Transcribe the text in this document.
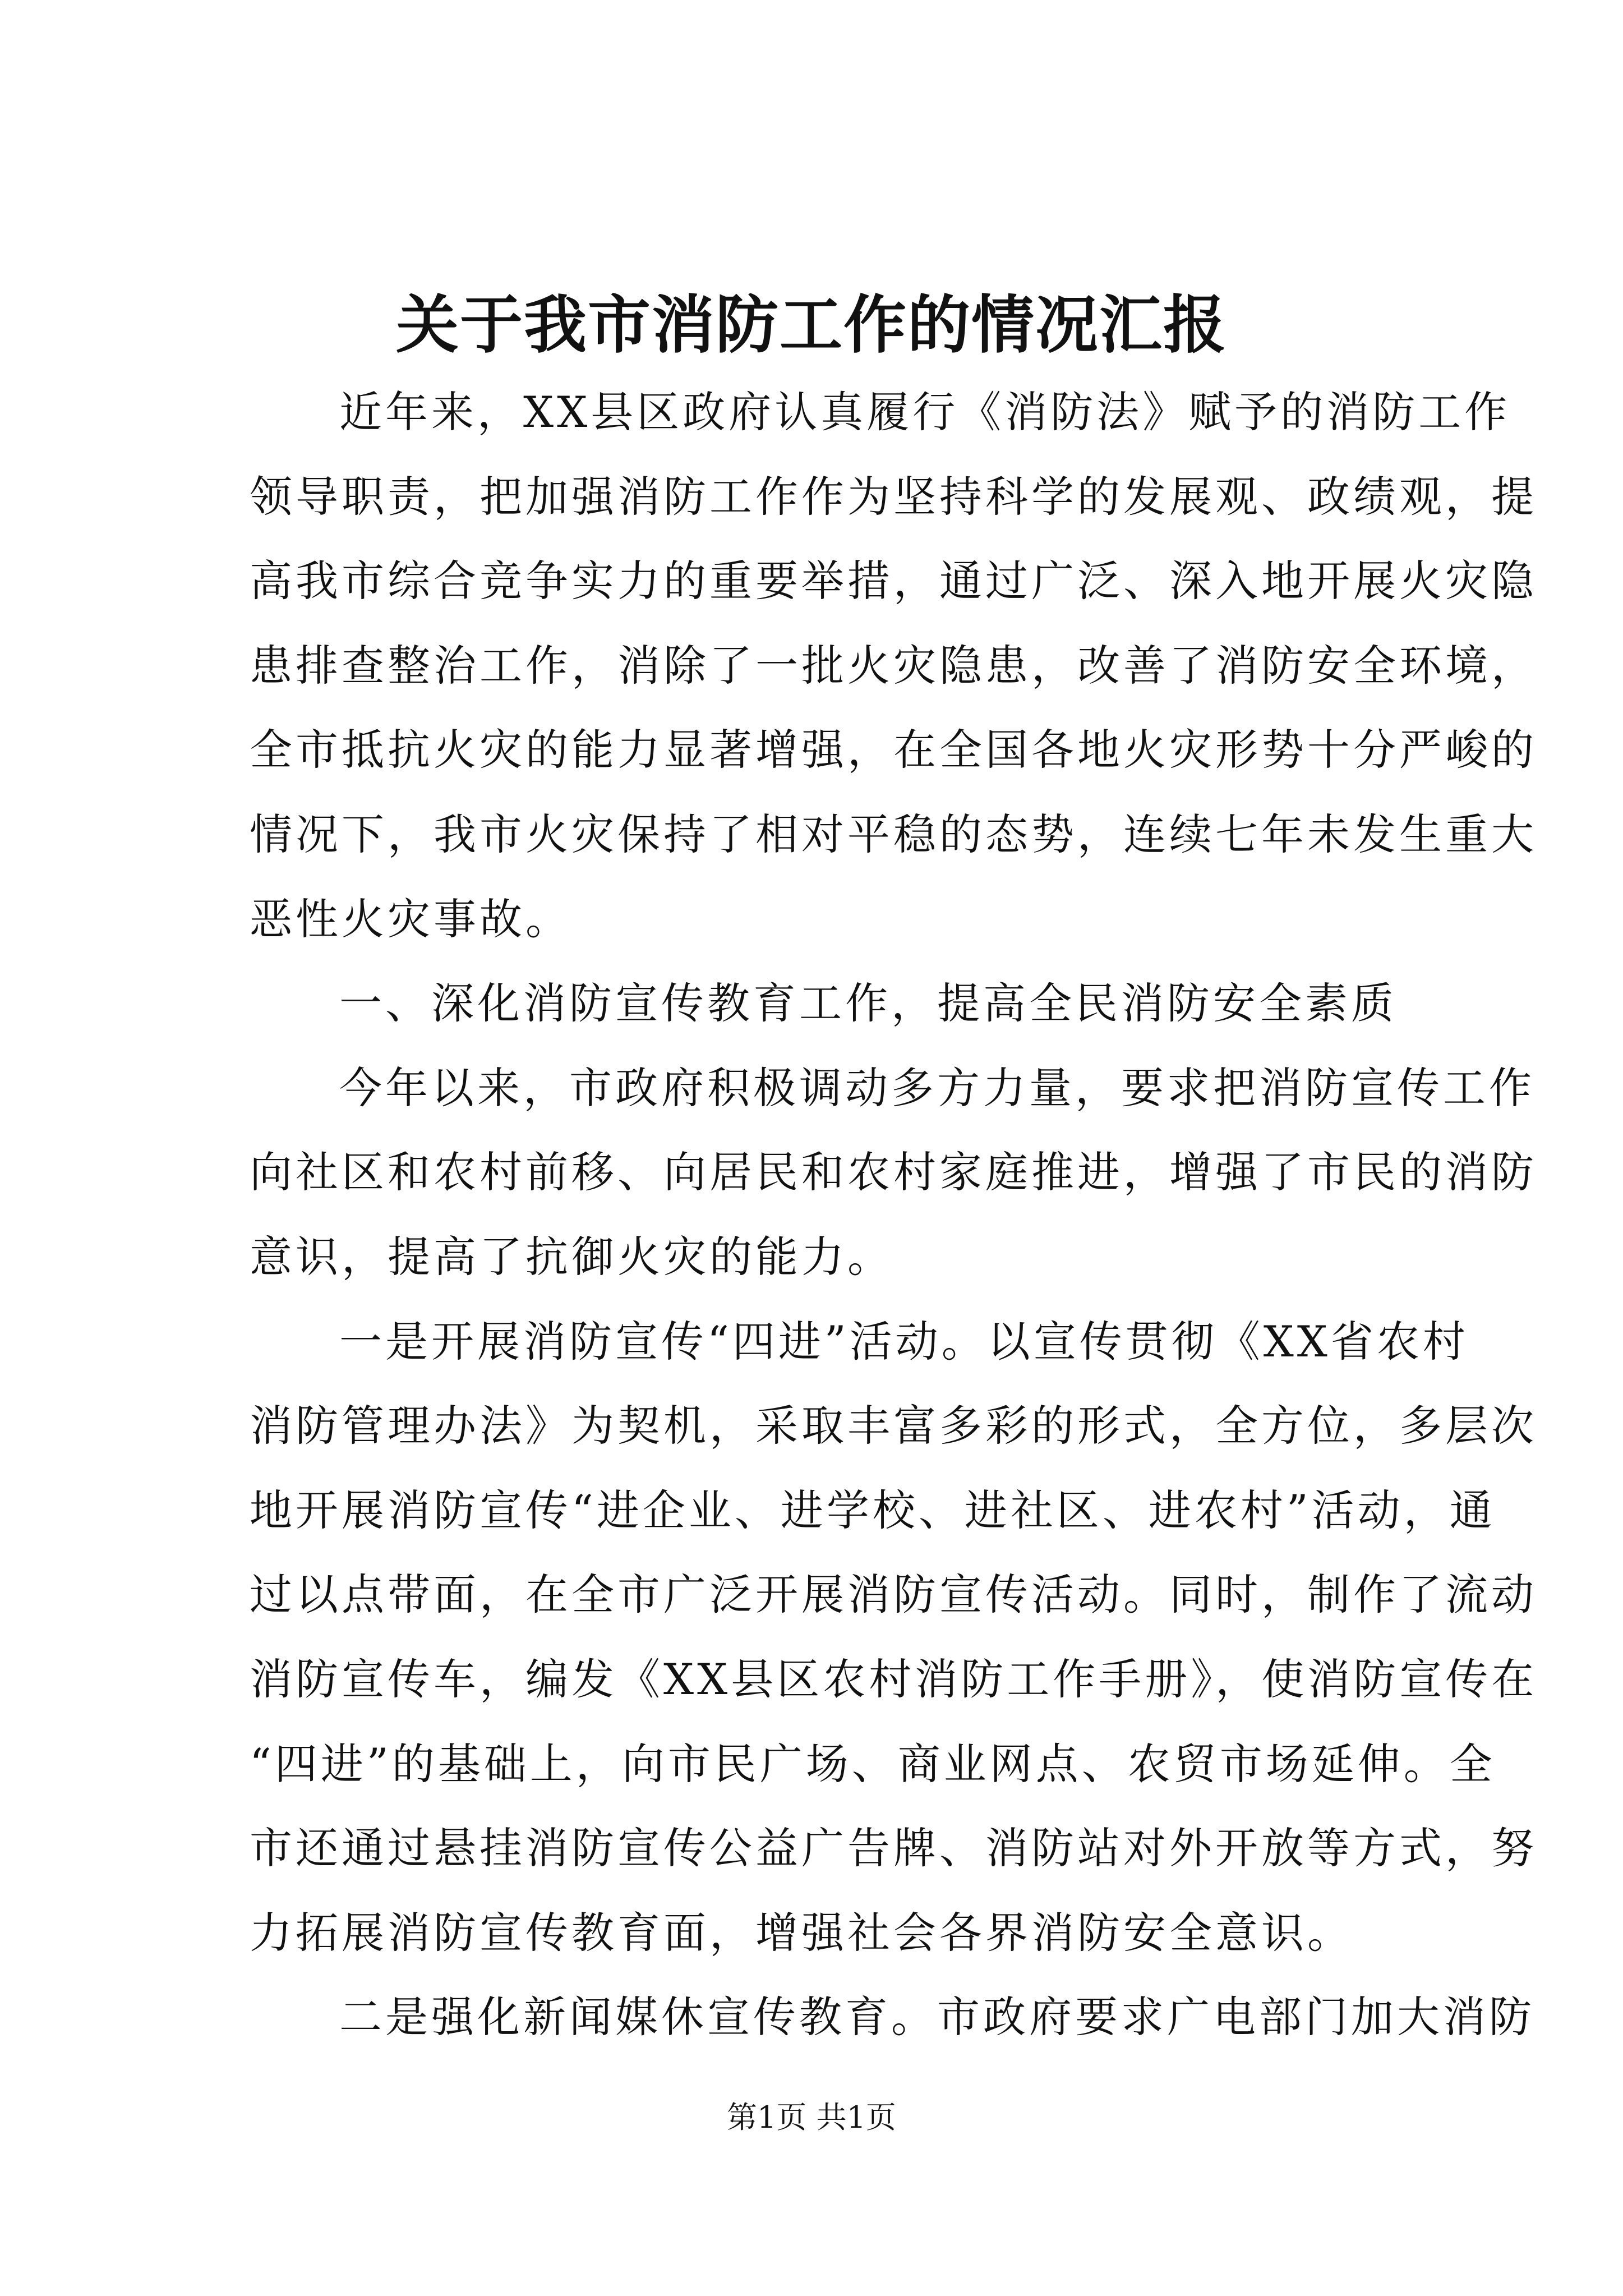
关于我市消防工作的情况汇报
近年来，XX县区政府认真履行《消防法》赋予的消防工作
领导职责，把加强消防工作作为坚持科学的发展观、政绩观，提
高我市综合竞争实力的重要举措，通过广泛、深入地开展火灾隐
患排查整治工作，消除了一批火灾隐患，改善了消防安全环境，
全市抵抗火灾的能力显著增强，在全国各地火灾形势十分严峻的
情况下，我市火灾保持了相对平稳的态势，连续七年未发生重大
恶性火灾事故。
一、深化消防宣传教育工作，提高全民消防安全素质
今年以来，市政府积极调动多方力量，要求把消防宣传工作
向社区和农村前移、向居民和农村家庭推进，增强了市民的消防
意识，提高了抗御火灾的能力。
一是开展消防宣传“四进”活动。以宣传贯彻《XX省农村
消防管理办法》为契机，采取丰富多彩的形式，全方位，多层次
地开展消防宣传“进企业、进学校、进社区、进农村”活动，通
过以点带面，在全市广泛开展消防宣传活动。同时，制作了流动
消防宣传车，编发《XX县区农村消防工作手册》，使消防宣传在
“四进”的基础上，向市民广场、商业网点、农贸市场延伸。全
市还通过悬挂消防宣传公益广告牌、消防站对外开放等方式，努
力拓展消防宣传教育面，增强社会各界消防安全意识。
二是强化新闻媒休宣传教育。市政府要求广电部门加大消防
第1页 共1页
